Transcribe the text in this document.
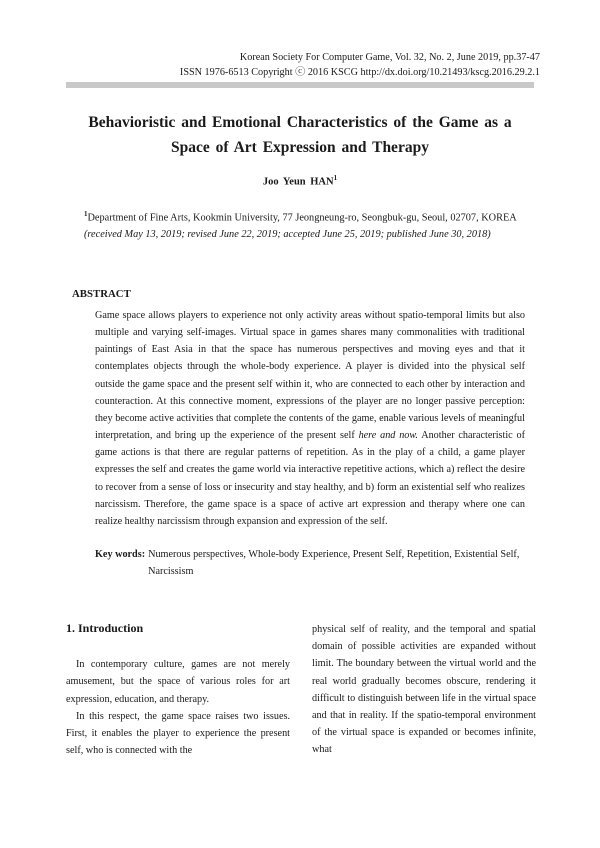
Korean Society For Computer Game, Vol. 32, No. 2, June 2019, pp.37-47
ISSN 1976-6513 Copyright ⓒ 2016 KSCG http://dx.doi.org/10.21493/kscg.2016.29.2.1
Behavioristic and Emotional Characteristics of the Game as a
Space of Art Expression and Therapy
Joo Yeun HAN$^1$
$^1$Department of Fine Arts, Kookmin University, 77 Jeongneung-ro, Seongbuk-gu, Seoul, 02707, KOREA
(received May 13, 2019; revised June 22, 2019; accepted June 25, 2019; published June 30, 2018)
ABSTRACT
Game space allows players to experience not only activity areas without spatio-temporal limits but also multiple and varying self-images. Virtual space in games shares many commonalities with traditional paintings of East Asia in that the space has numerous perspectives and moving eyes and that it contemplates objects through the whole-body experience. A player is divided into the physical self outside the game space and the present self within it, who are connected to each other by interaction and counteraction. At this connective moment, expressions of the player are no longer passive perception: they become active activities that complete the contents of the game, enable various levels of meaningful interpretation, and bring up the experience of the present self here and now. Another characteristic of game actions is that there are regular patterns of repetition. As in the play of a child, a game player expresses the self and creates the game world via interactive repetitive actions, which a) reflect the desire to recover from a sense of loss or insecurity and stay healthy, and b) form an existential self who realizes narcissism. Therefore, the game space is a space of active art expression and therapy where one can realize healthy narcissism through expansion and expression of the self.
Key words: Numerous perspectives, Whole-body Experience, Present Self, Repetition, Existential Self, Narcissism
1. Introduction

In contemporary culture, games are not merely amusement, but the space of various roles for art expression, education, and therapy.

In this respect, the game space raises two issues. First, it enables the player to experience the present self, who is connected with the

physical self of reality, and the temporal and spatial domain of possible activities are expanded without limit. The boundary between the virtual world and the real world gradually becomes obscure, rendering it difficult to distinguish between life in the virtual space and that in reality. If the spatio-temporal environment of the virtual space is expanded or becomes infinite, what
